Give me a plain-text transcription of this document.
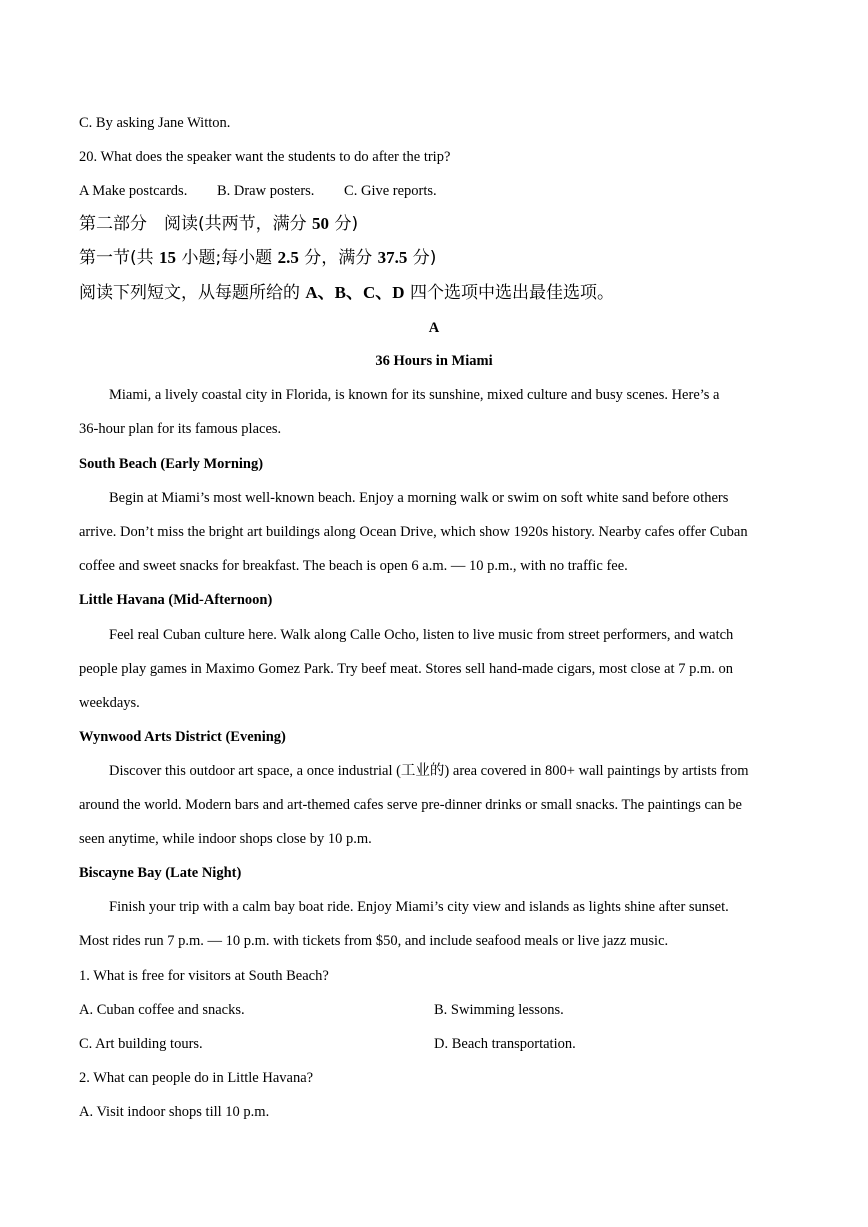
C. By asking Jane Witton.
20. What does the speaker want the students to do after the trip?
A Make postcards. B. Draw posters. C. Give reports.
第二部分　阅读(共两节，满分 50 分)
第一节(共 15 小题;每小题 2.5 分，满分 37.5 分)
阅读下列短文，从每题所给的 A、B、C、D 四个选项中选出最佳选项。
A
36 Hours in Miami
Miami, a lively coastal city in Florida, is known for its sunshine, mixed culture and busy scenes. Here’s a
36-hour plan for its famous places.
South Beach (Early Morning)
Begin at Miami’s most well-known beach. Enjoy a morning walk or swim on soft white sand before others
arrive. Don’t miss the bright art buildings along Ocean Drive, which show 1920s history. Nearby cafes offer Cuban
coffee and sweet snacks for breakfast. The beach is open 6 a.m. — 10 p.m., with no traffic fee.
Little Havana (Mid-Afternoon)
Feel real Cuban culture here. Walk along Calle Ocho, listen to live music from street performers, and watch
people play games in Maximo Gomez Park. Try beef meat. Stores sell hand-made cigars, most close at 7 p.m. on
weekdays.
Wynwood Arts District (Evening)
Discover this outdoor art space, a once industrial (工业的) area covered in 800+ wall paintings by artists from
around the world. Modern bars and art-themed cafes serve pre-dinner drinks or small snacks. The paintings can be
seen anytime, while indoor shops close by 10 p.m.
Biscayne Bay (Late Night)
Finish your trip with a calm bay boat ride. Enjoy Miami’s city view and islands as lights shine after sunset.
Most rides run 7 p.m. — 10 p.m. with tickets from $50, and include seafood meals or live jazz music.
1. What is free for visitors at South Beach?
A. Cuban coffee and snacks.	B. Swimming lessons.
C. Art building tours.	D. Beach transportation.
2. What can people do in Little Havana?
A. Visit indoor shops till 10 p.m.
